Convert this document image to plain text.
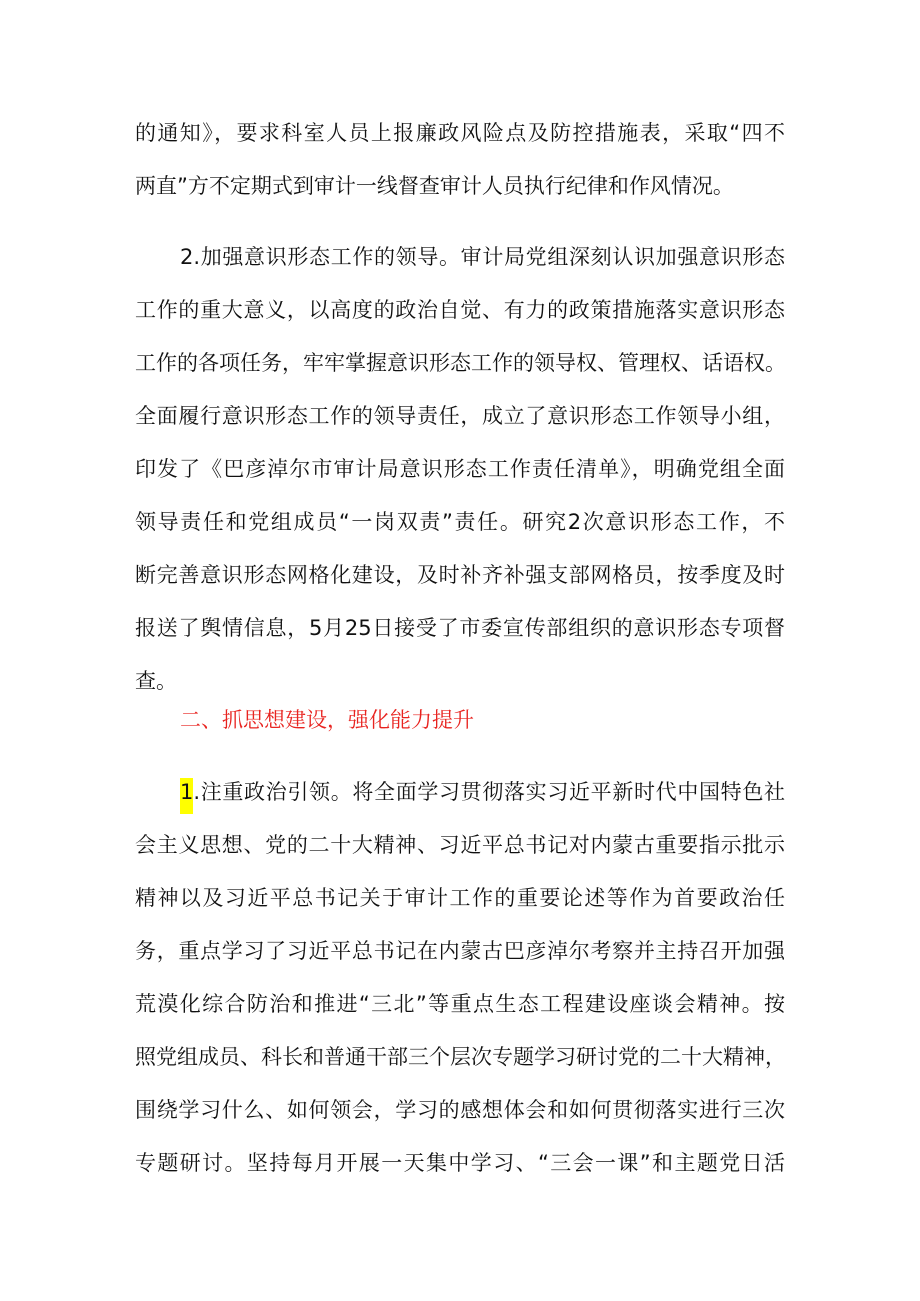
的通知》，要求科室人员上报廉政风险点及防控措施表，采取“四不
两直”方不定期式到审计一线督查审计人员执行纪律和作风情况。
2.加强意识形态工作的领导。审计局党组深刻认识加强意识形态
工作的重大意义，以高度的政治自觉、有力的政策措施落实意识形态
工作的各项任务，牢牢掌握意识形态工作的领导权、管理权、话语权。
全面履行意识形态工作的领导责任，成立了意识形态工作领导小组，
印发了《巴彦淖尔市审计局意识形态工作责任清单》，明确党组全面
领导责任和党组成员“一岗双责”责任。研究2次意识形态工作，不
断完善意识形态网格化建设，及时补齐补强支部网格员，按季度及时
报送了舆情信息，5月25日接受了市委宣传部组织的意识形态专项督
查。
二、抓思想建设，强化能力提升
1.注重政治引领。将全面学习贯彻落实习近平新时代中国特色社
会主义思想、党的二十大精神、习近平总书记对内蒙古重要指示批示
精神以及习近平总书记关于审计工作的重要论述等作为首要政治任
务，重点学习了习近平总书记在内蒙古巴彦淖尔考察并主持召开加强
荒漠化综合防治和推进“三北”等重点生态工程建设座谈会精神。按
照党组成员、科长和普通干部三个层次专题学习研讨党的二十大精神，
围绕学习什么、如何领会，学习的感想体会和如何贯彻落实进行三次
专题研讨。坚持每月开展一天集中学习、“三会一课”和主题党日活
